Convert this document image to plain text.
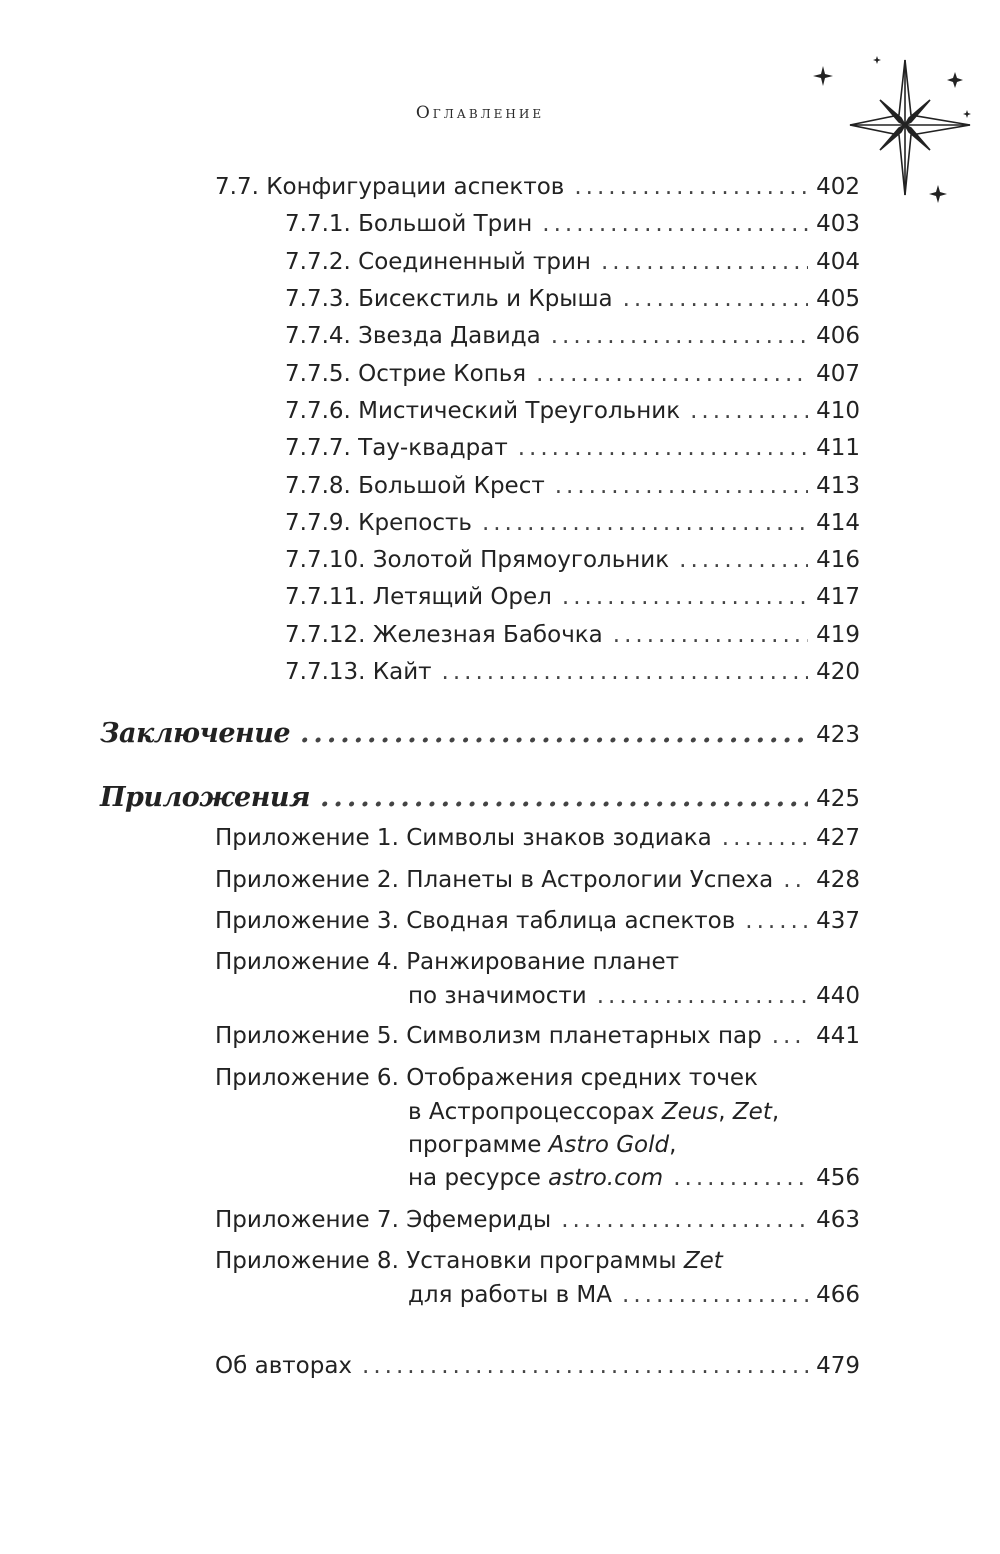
Оглавление
7.7. Конфигурации аспектов .....	402
7.7.1. Большой Трин .....	403
7.7.2. Соединенный трин .....	404
7.7.3. Бисекстиль и Крыша .....	405
7.7.4. Звезда Давида .....	406
7.7.5. Острие Копья .....	407
7.7.6. Мистический Треугольник .....	410
7.7.7. Тау-квадрат .....	411
7.7.8. Большой Крест .....	413
7.7.9. Крепость .....	414
7.7.10. Золотой Прямоугольник .....	416
7.7.11. Летящий Орел .....	417
7.7.12. Железная Бабочка .....	419
7.7.13. Кайт .....	420
Заключение .....	423
Приложения .....	425
Приложение 1. Символы знаков зодиака .....	427
Приложение 2. Планеты в Астрологии Успеха ..... 428
Приложение 3. Сводная таблица аспектов .....	437
Приложение 4. Ранжирование планет
по значимости .....	440
Приложение 5. Символизм планетарных пар ..... 441
Приложение 6. Отображения средних точек
в Астропроцессорах Zeus, Zet,
программе Astro Gold,
на ресурсе astro.com .....	456
Приложение 7. Эфемериды .....	463
Приложение 8. Установки программы Zet
для работы в МА .....	466
Об авторах .....	479
